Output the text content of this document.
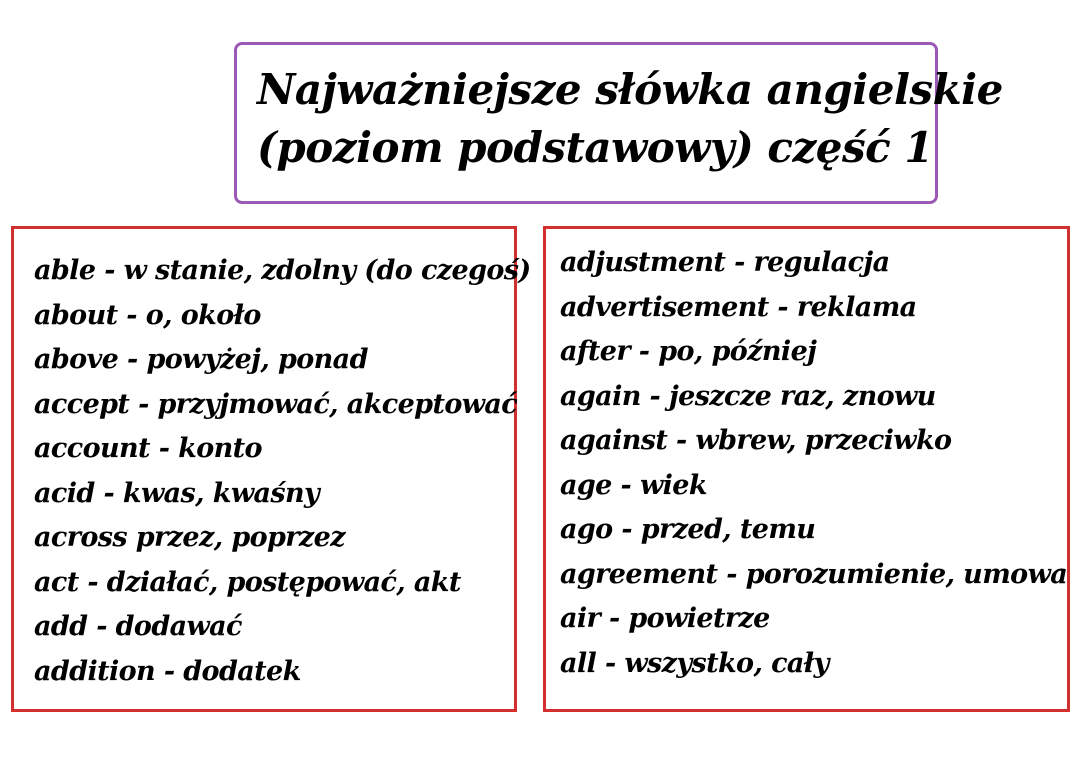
Najważniejsze słówka angielskie
(poziom podstawowy) część 1
able - w stanie, zdolny (do czegoś)
about - o, około
above - powyżej, ponad
accept - przyjmować, akceptować
account - konto
acid - kwas, kwaśny
across przez, poprzez
act - działać, postępować, akt
add - dodawać
addition - dodatek
adjustment - regulacja
advertisement - reklama
after - po, później
again - jeszcze raz, znowu
against - wbrew, przeciwko
age - wiek
ago - przed, temu
agreement - porozumienie, umowa
air - powietrze
all - wszystko, cały
